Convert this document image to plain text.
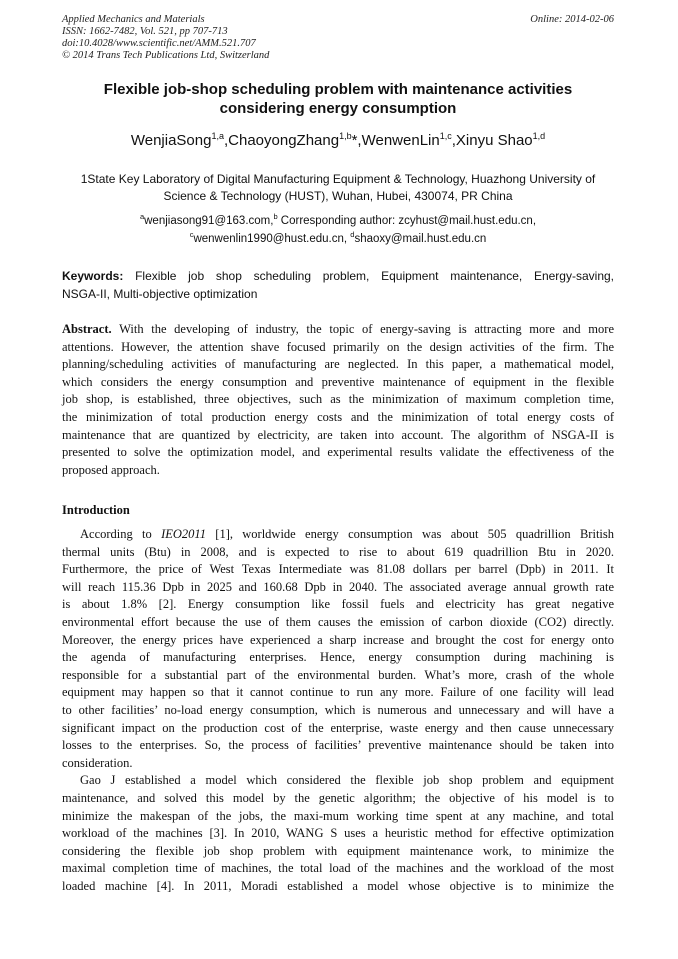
Applied Mechanics and Materials
ISSN: 1662-7482, Vol. 521, pp 707-713
doi:10.4028/www.scientific.net/AMM.521.707
© 2014 Trans Tech Publications Ltd, Switzerland
Online: 2014-02-06
Flexible job-shop scheduling problem with maintenance activities
considering energy consumption
WenjiaSong$^{1,a}$,ChaoyongZhang$^{1,b}$*,WenwenLin$^{1,c}$,Xinyu Shao$^{1,d}$
1State Key Laboratory of Digital Manufacturing Equipment & Technology, Huazhong University of
Science & Technology (HUST), Wuhan, Hubei, 430074, PR China
$^a$wenjiasong91@163.com,$^b$ Corresponding author: zcyhust@mail.hust.edu.cn,
$^c$wenwenlin1990@hust.edu.cn, $^d$shaoxy@mail.hust.edu.cn
Keywords: Flexible job shop scheduling problem, Equipment maintenance, Energy-saving,
NSGA-II, Multi-objective optimization
Abstract. With the developing of industry, the topic of energy-saving is attracting more and more
attentions. However, the attention shave focused primarily on the design activities of the firm. The
planning/scheduling activities of manufacturing are neglected. In this paper, a mathematical model,
which considers the energy consumption and preventive maintenance of equipment in the flexible
job shop, is established, three objectives, such as the minimization of maximum completion time,
the minimization of total production energy costs and the minimization of total energy costs of
maintenance that are quantized by electricity, are taken into account. The algorithm of NSGA-II is
presented to solve the optimization model, and experimental results validate the effectiveness of the
proposed approach.
Introduction
According to IEO2011 [1], worldwide energy consumption was about 505 quadrillion British
thermal units (Btu) in 2008, and is expected to rise to about 619 quadrillion Btu in 2020.
Furthermore, the price of West Texas Intermediate was 81.08 dollars per barrel (Dpb) in 2011. It
will reach 115.36 Dpb in 2025 and 160.68 Dpb in 2040. The associated average annual growth rate
is about 1.8% [2]. Energy consumption like fossil fuels and electricity has great negative
environmental effort because the use of them causes the emission of carbon dioxide (CO2) directly.
Moreover, the energy prices have experienced a sharp increase and brought the cost for energy onto
the agenda of manufacturing enterprises. Hence, energy consumption during machining is
responsible for a substantial part of the environmental burden. What’s more, crash of the whole
equipment may happen so that it cannot continue to run any more. Failure of one facility will lead
to other facilities’ no-load energy consumption, which is numerous and unnecessary and will have a
significant impact on the production cost of the enterprise, waste energy and then cause unnecessary
losses to the enterprises. So, the process of facilities’ preventive maintenance should be taken into
consideration.
Gao J established a model which considered the flexible job shop problem and equipment
maintenance, and solved this model by the genetic algorithm; the objective of his model is to
minimize the makespan of the jobs, the maxi-mum working time spent at any machine, and total
workload of the machines [3]. In 2010, WANG S uses a heuristic method for effective optimization
considering the flexible job shop problem with equipment maintenance work, to minimize the
maximal completion time of machines, the total load of the machines and the workload of the most
loaded machine [4]. In 2011, Moradi established a model whose objective is to minimize the
